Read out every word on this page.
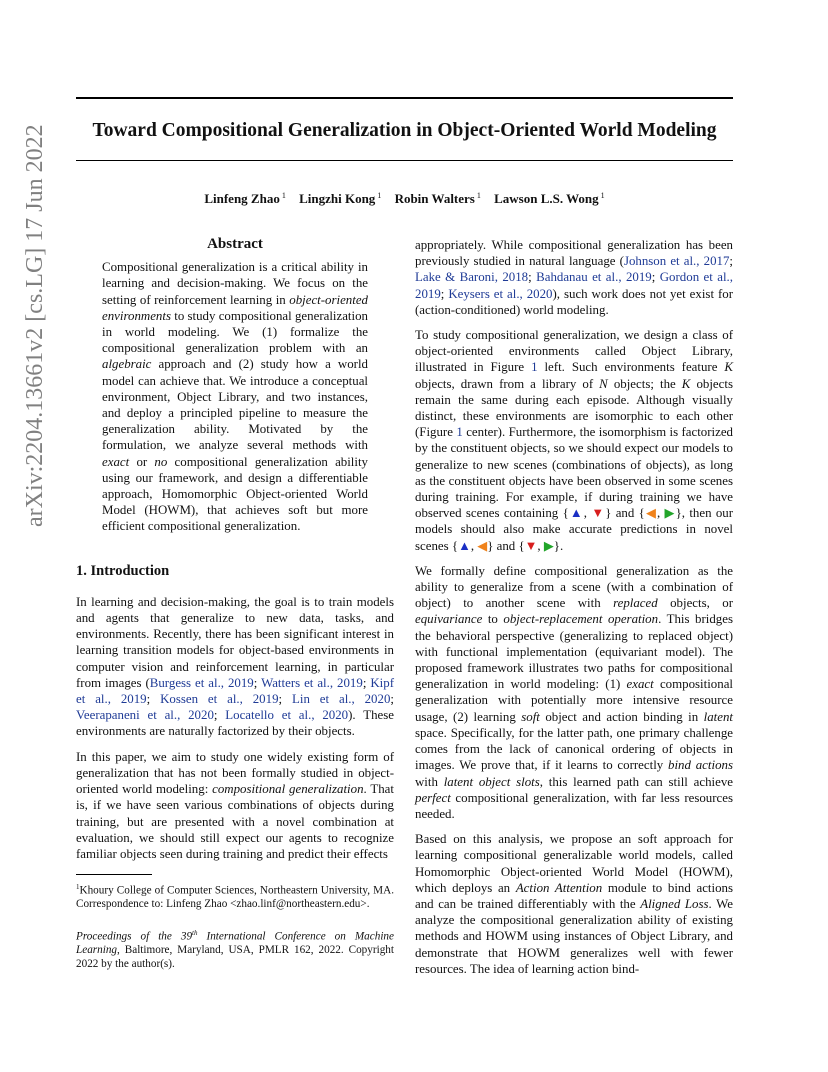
Toward Compositional Generalization in Object-Oriented World Modeling
Linfeng Zhao $^1$ Lingzhi Kong $^1$ Robin Walters $^1$ Lawson L.S. Wong $^1$
arXiv:2204.13661v2 [cs.LG] 17 Jun 2022	Abstract

Compositional generalization is a critical ability in learning and decision-making. We focus on the setting of reinforcement learning in object-oriented environments to study compositional generalization in world modeling. We (1) formalize the compositional generalization problem with an algebraic approach and (2) study how a world model can achieve that. We introduce a conceptual environment, Object Library, and two instances, and deploy a principled pipeline to measure the generalization ability. Motivated by the formulation, we analyze several methods with exact or no compositional generalization ability using our framework, and design a differentiable approach, Homomorphic Object-oriented World Model (HOWM), that achieves soft but more efficient compositional generalization.

1. Introduction

In learning and decision-making, the goal is to train models and agents that generalize to new data, tasks, and environments. Recently, there has been significant interest in learning transition models for object-based environments in computer vision and reinforcement learning, in particular from images (Burgess et al., 2019; Watters et al., 2019; Kipf et al., 2019; Kossen et al., 2019; Lin et al., 2020; Veerapaneni et al., 2020; Locatello et al., 2020). These environments are naturally factorized by their objects.

In this paper, we aim to study one widely existing form of generalization that has not been formally studied in object-oriented world modeling: compositional generalization. That is, if we have seen various combinations of objects during training, but are presented with a novel combination at evaluation, we should still expect our agents to recognize familiar objects seen during training and predict their effects

$^1$Khoury College of Computer Sciences, Northeastern University, MA. Correspondence to: Linfeng Zhao <zhao.linf@northeastern.edu>.

Proceedings of the 39th International Conference on Machine Learning, Baltimore, Maryland, USA, PMLR 162, 2022. Copyright 2022 by the author(s).

appropriately. While compositional generalization has been previously studied in natural language (Johnson et al., 2017; Lake & Baroni, 2018; Bahdanau et al., 2019; Gordon et al., 2019; Keysers et al., 2020), such work does not yet exist for (action-conditioned) world modeling.

To study compositional generalization, we design a class of object-oriented environments called Object Library, illustrated in Figure 1 left. Such environments feature K objects, drawn from a library of N objects; the K objects remain the same during each episode. Although visually distinct, these environments are isomorphic to each other (Figure 1 center). Furthermore, the isomorphism is factorized by the constituent objects, so we should expect our models to generalize to new scenes (combinations of objects), as long as the constituent objects have been observed in some scenes during training. For example, if during training we have observed scenes containing {▲, ▼} and {◀, ▶}, then our models should also make accurate predictions in novel scenes {▲, ◀} and {▼, ▶}.

We formally define compositional generalization as the ability to generalize from a scene (with a combination of object) to another scene with replaced objects, or equivariance to object-replacement operation. This bridges the behavioral perspective (generalizing to replaced object) with functional implementation (equivariant model). The proposed framework illustrates two paths for compositional generalization in world modeling: (1) exact compositional generalization with potentially more intensive resource usage, (2) learning soft object and action binding in latent space. Specifically, for the latter path, one primary challenge comes from the lack of canonical ordering of objects in images. We prove that, if it learns to correctly bind actions with latent object slots, this learned path can still achieve perfect compositional generalization, with far less resources needed.

Based on this analysis, we propose an soft approach for learning compositional generalizable world models, called Homomorphic Object-oriented World Model (HOWM), which deploys an Action Attention module to bind actions and can be trained differentiably with the Aligned Loss. We analyze the compositional generalization ability of existing methods and HOWM using instances of Object Library, and demonstrate that HOWM generalizes well with fewer resources. The idea of learning action bind-
